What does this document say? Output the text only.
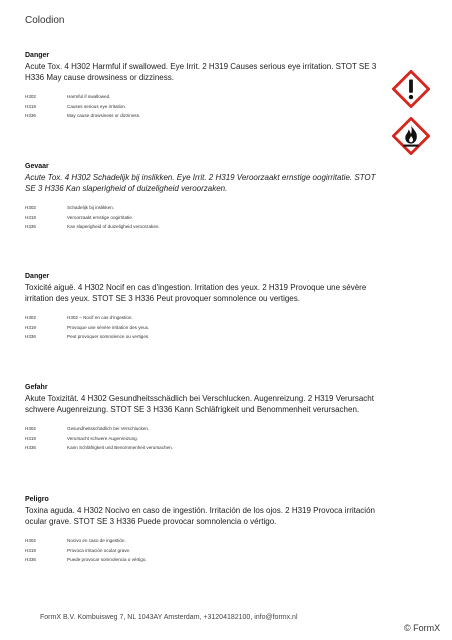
Colodion
Danger
Acute Tox. 4 H302 Harmful if swallowed. Eye Irrit. 2 H319 Causes serious eye irritation. STOT SE 3 H336 May cause drowsiness or dizziness.
H302	Harmful if swallowed.
H319	Causes serious eye irritation.
H336	May cause drowsiness or dizziness.
Gevaar
Acute Tox. 4 H302 Schadelijk bij inslikken. Eye Irrit. 2 H319 Veroorzaakt ernstige oogirritatie. STOT SE 3 H336 Kan slaperigheid of duizeligheid veroorzaken.
H302	Schadelijk bij inslikken.
H319	Veroorzaakt ernstige oogirritatie.
H336	Kan slaperigheid of duizeligheid veroorzaken.
Danger
Toxicité aiguë. 4 H302 Nocif en cas d'ingestion. Irritation des yeux. 2 H319 Provoque une sévère irritation des yeux. STOT SE 3 H336 Peut provoquer somnolence ou vertiges.
H302	H302 – Nocif en cas d'ingestion.
H319	Provoque une sévère irritation des yeux.
H336	Peut provoquer somnolence ou vertiges.
Gefahr
Akute Toxizität. 4 H302 Gesundheitsschädlich bei Verschlucken. Augenreizung. 2 H319 Verursacht schwere Augenreizung. STOT SE 3 H336 Kann Schläfrigkeit und Benommenheit verursachen.
H302	Gesundheitsschädlich bei Verschlucken.
H319	Verursacht schwere Augenreizung.
H336	Kann Schläfrigkeit und Benommenheit verursachen.
Peligro
Toxina aguda. 4 H302 Nocivo en caso de ingestión. Irritación de los ojos. 2 H319 Provoca irritación ocular grave. STOT SE 3 H336 Puede provocar somnolencia o vértigo.
H302	Nocivo en caso de ingestión.
H319	Provoca irritación ocular grave.
H336	Puede provocar somnolencia o vértigo.

FormX B.V. Kombuisweg 7, NL 1043AY Amsterdam, +31204182100, info@formx.nl
© FormX
